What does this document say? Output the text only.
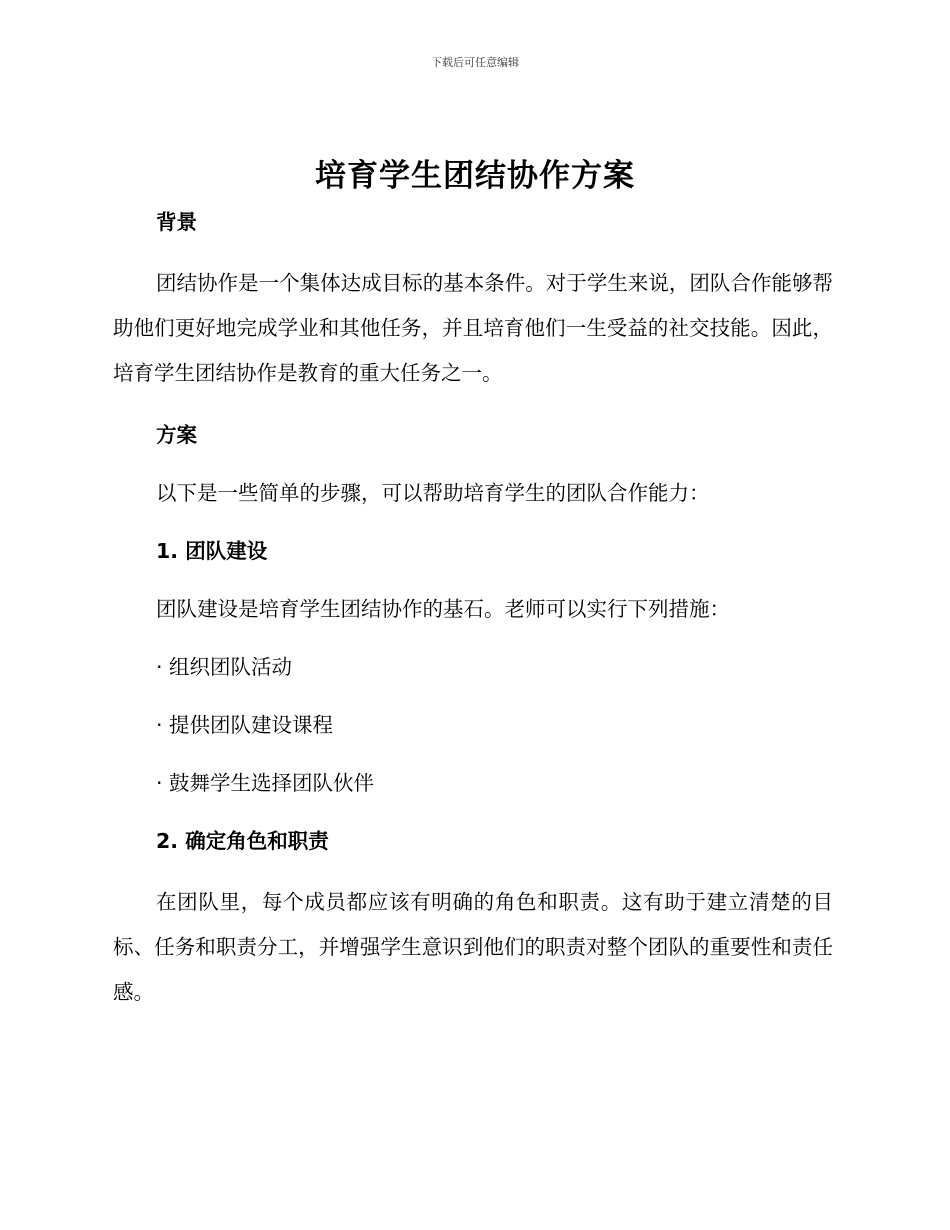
下载后可任意编辑
培育学生团结协作方案

背景

团结协作是一个集体达成目标的基本条件。对于学生来说，团队合作能够帮助他们更好地完成学业和其他任务，并且培育他们一生受益的社交技能。因此，培育学生团结协作是教育的重大任务之一。

方案

以下是一些简单的步骤，可以帮助培育学生的团队合作能力：

1. 团队建设

团队建设是培育学生团结协作的基石。老师可以实行下列措施：

· 组织团队活动

· 提供团队建设课程

· 鼓舞学生选择团队伙伴

2. 确定角色和职责

在团队里，每个成员都应该有明确的角色和职责。这有助于建立清楚的目标、任务和职责分工，并增强学生意识到他们的职责对整个团队的重要性和责任感。
